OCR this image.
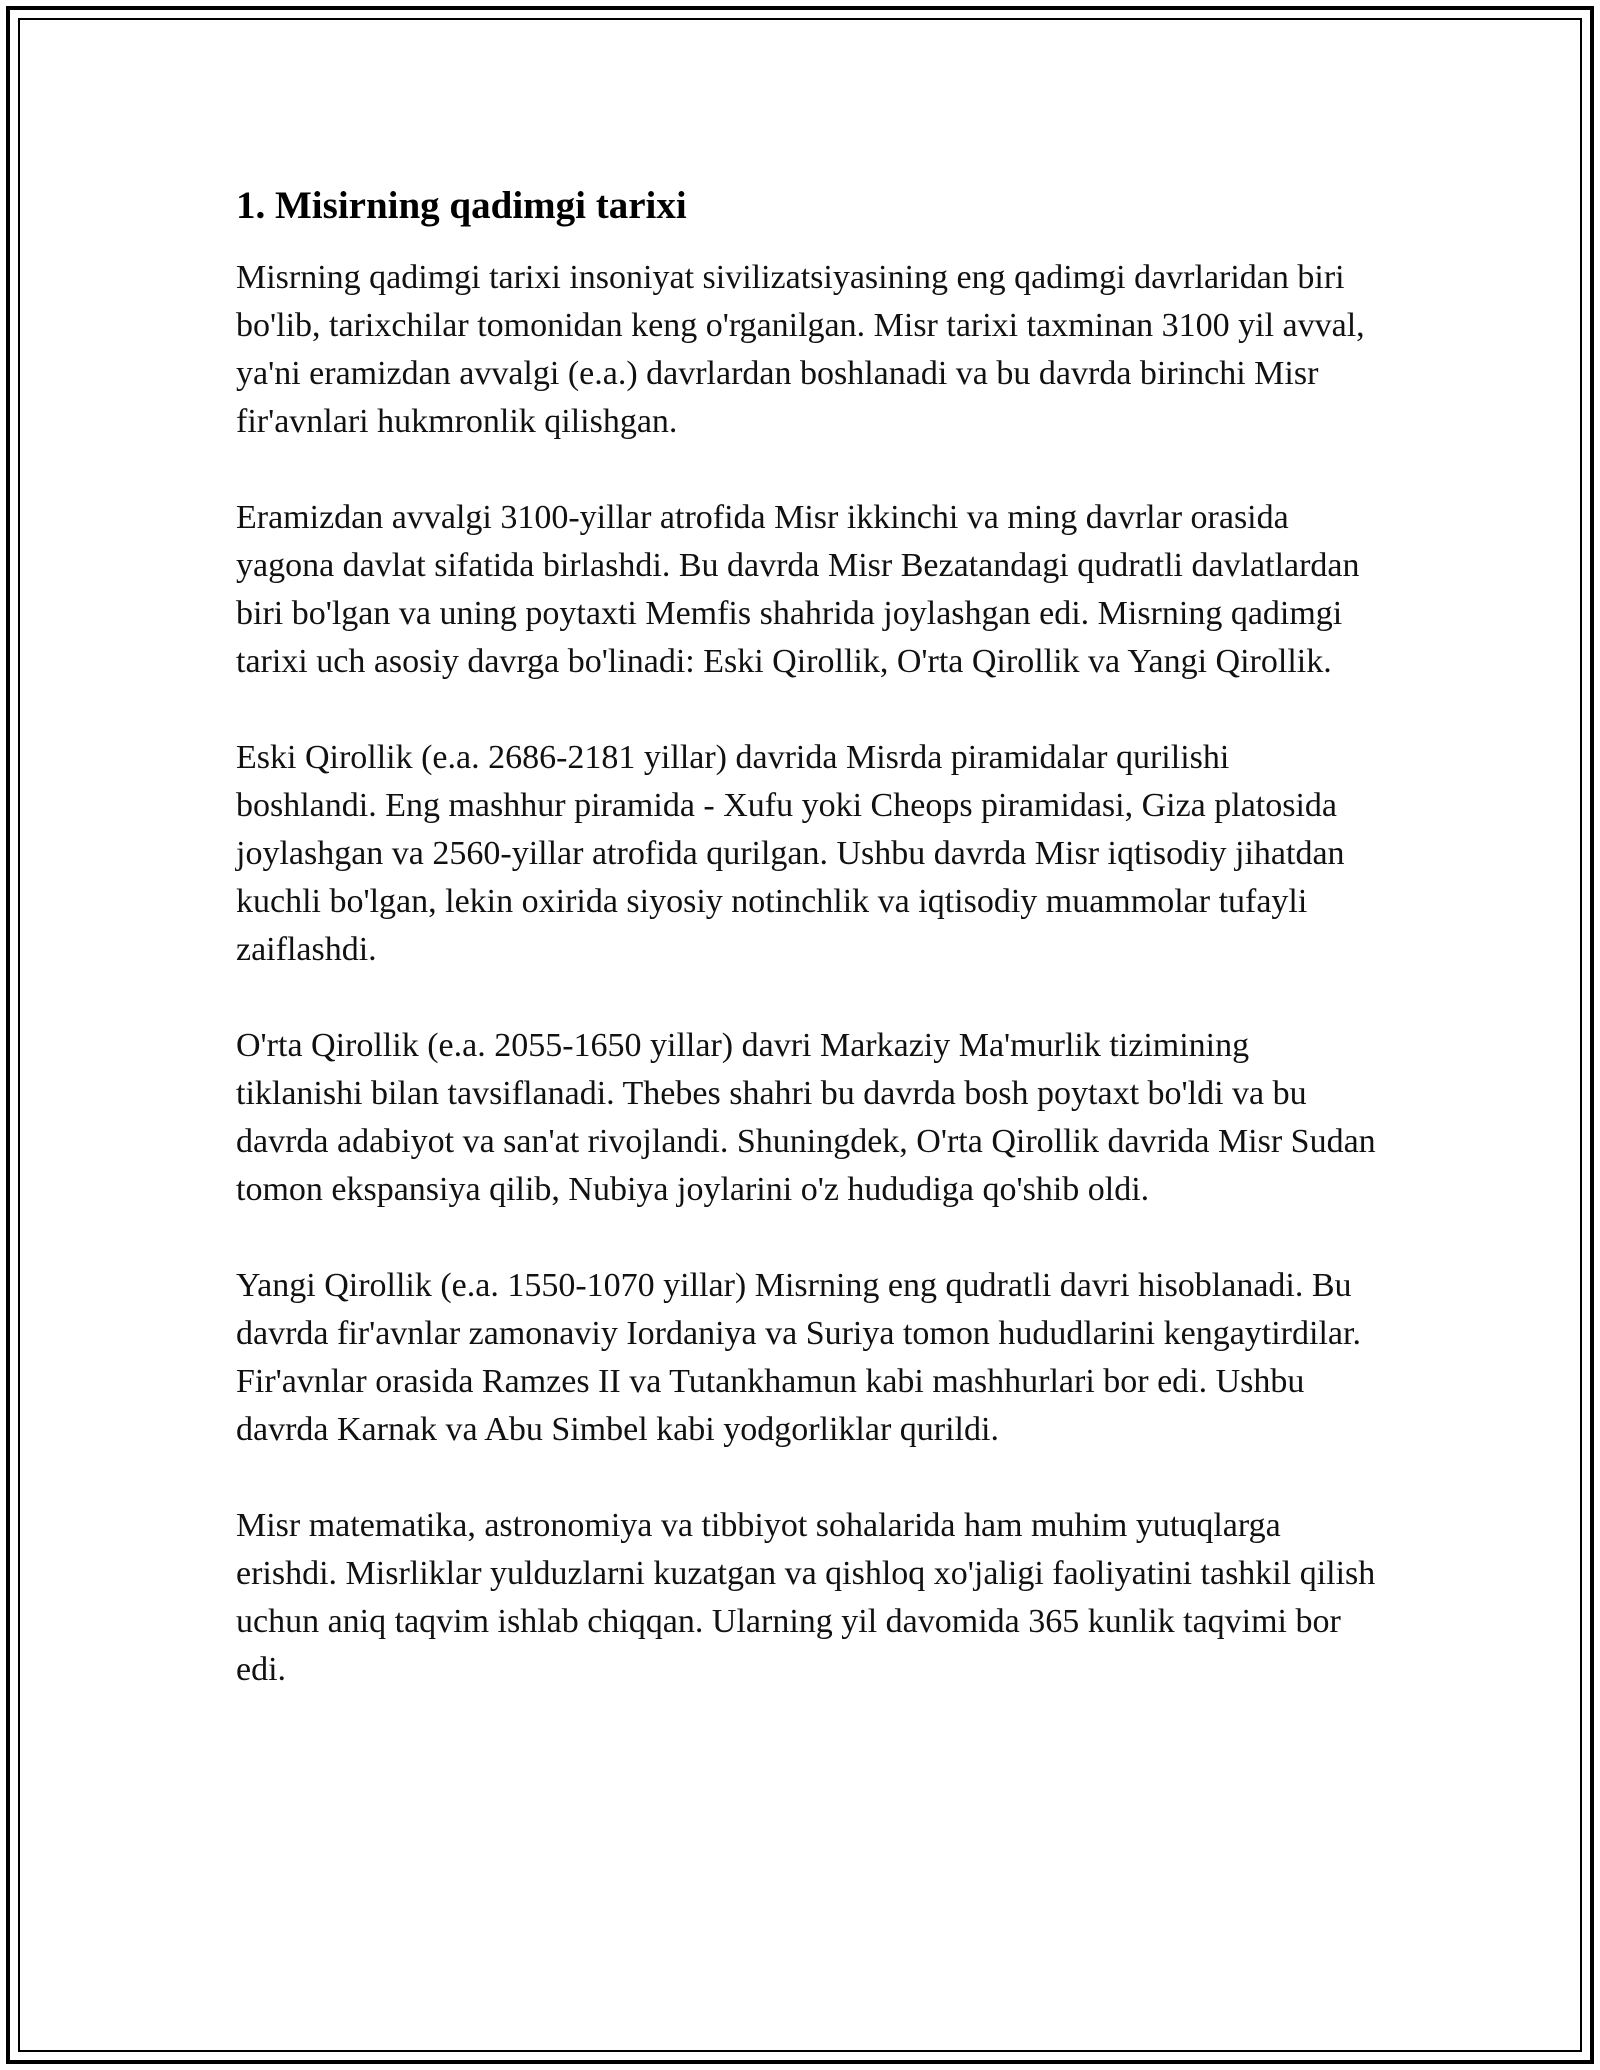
1. Misirning qadimgi tarixi

Misrning qadimgi tarixi insoniyat sivilizatsiyasining eng qadimgi davrlaridan biri bo'lib, tarixchilar tomonidan keng o'rganilgan. Misr tarixi taxminan 3100 yil avval, ya'ni eramizdan avvalgi (e.a.) davrlardan boshlanadi va bu davrda birinchi Misr fir'avnlari hukmronlik qilishgan.

Eramizdan avvalgi 3100-yillar atrofida Misr ikkinchi va ming davrlar orasida yagona davlat sifatida birlashdi. Bu davrda Misr Bezatandagi qudratli davlatlardan biri bo'lgan va uning poytaxti Memfis shahrida joylashgan edi. Misrning qadimgi tarixi uch asosiy davrga bo'linadi: Eski Qirollik, O'rta Qirollik va Yangi Qirollik.

Eski Qirollik (e.a. 2686-2181 yillar) davrida Misrda piramidalar qurilishi boshlandi. Eng mashhur piramida - Xufu yoki Cheops piramidasi, Giza platosida joylashgan va 2560-yillar atrofida qurilgan. Ushbu davrda Misr iqtisodiy jihatdan kuchli bo'lgan, lekin oxirida siyosiy notinchlik va iqtisodiy muammolar tufayli zaiflashdi.

O'rta Qirollik (e.a. 2055-1650 yillar) davri Markaziy Ma'murlik tizimining tiklanishi bilan tavsiflanadi. Thebes shahri bu davrda bosh poytaxt bo'ldi va bu davrda adabiyot va san'at rivojlandi. Shuningdek, O'rta Qirollik davrida Misr Sudan tomon ekspansiya qilib, Nubiya joylarini o'z hududiga qo'shib oldi.

Yangi Qirollik (e.a. 1550-1070 yillar) Misrning eng qudratli davri hisoblanadi. Bu davrda fir'avnlar zamonaviy Iordaniya va Suriya tomon hududlarini kengaytirdilar. Fir'avnlar orasida Ramzes II va Tutankhamun kabi mashhurlari bor edi. Ushbu davrda Karnak va Abu Simbel kabi yodgorliklar qurildi.

Misr matematika, astronomiya va tibbiyot sohalarida ham muhim yutuqlarga erishdi. Misrliklar yulduzlarni kuzatgan va qishloq xo'jaligi faoliyatini tashkil qilish uchun aniq taqvim ishlab chiqqan. Ularning yil davomida 365 kunlik taqvimi bor edi.
